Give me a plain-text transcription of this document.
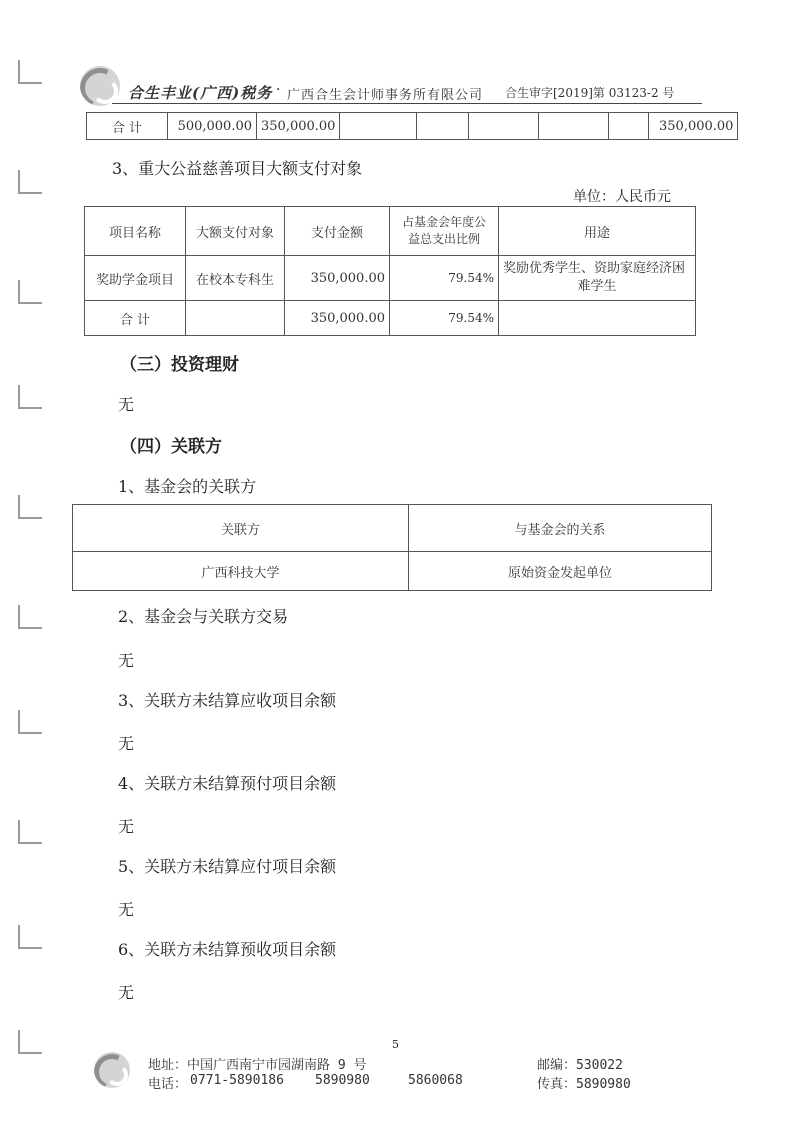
合生丰业(广西)税务 · 广西合生会计师事务所有限公司 合生审字[2019]第 03123-2 号
合 计	500,000.00	350,000.00						350,000.00
3、重大公益慈善项目大额支付对象
单位：人民币元
项目名称	大额支付对象	支付金额	占基金会年度公
益总支出比例	用途
奖助学金项目	在校本专科生	350,000.00	79.54%	奖励优秀学生、资助家庭经济困
难学生

合 计		350,000.00	79.54%	
（三）投资理财
无
（四）关联方
1、基金会的关联方
关联方	与基金会的关系
广西科技大学	原始资金发起单位
2、基金会与关联方交易
无
3、关联方未结算应收项目余额
无
4、关联方未结算预付项目余额
无
5、关联方未结算应付项目余额
无
6、关联方未结算预收项目余额
无
5
地址：中国广西南宁市园湖南路 9 号
电话： 0771-5890186 5890980	5860068
邮编：530022
传真：5890980
